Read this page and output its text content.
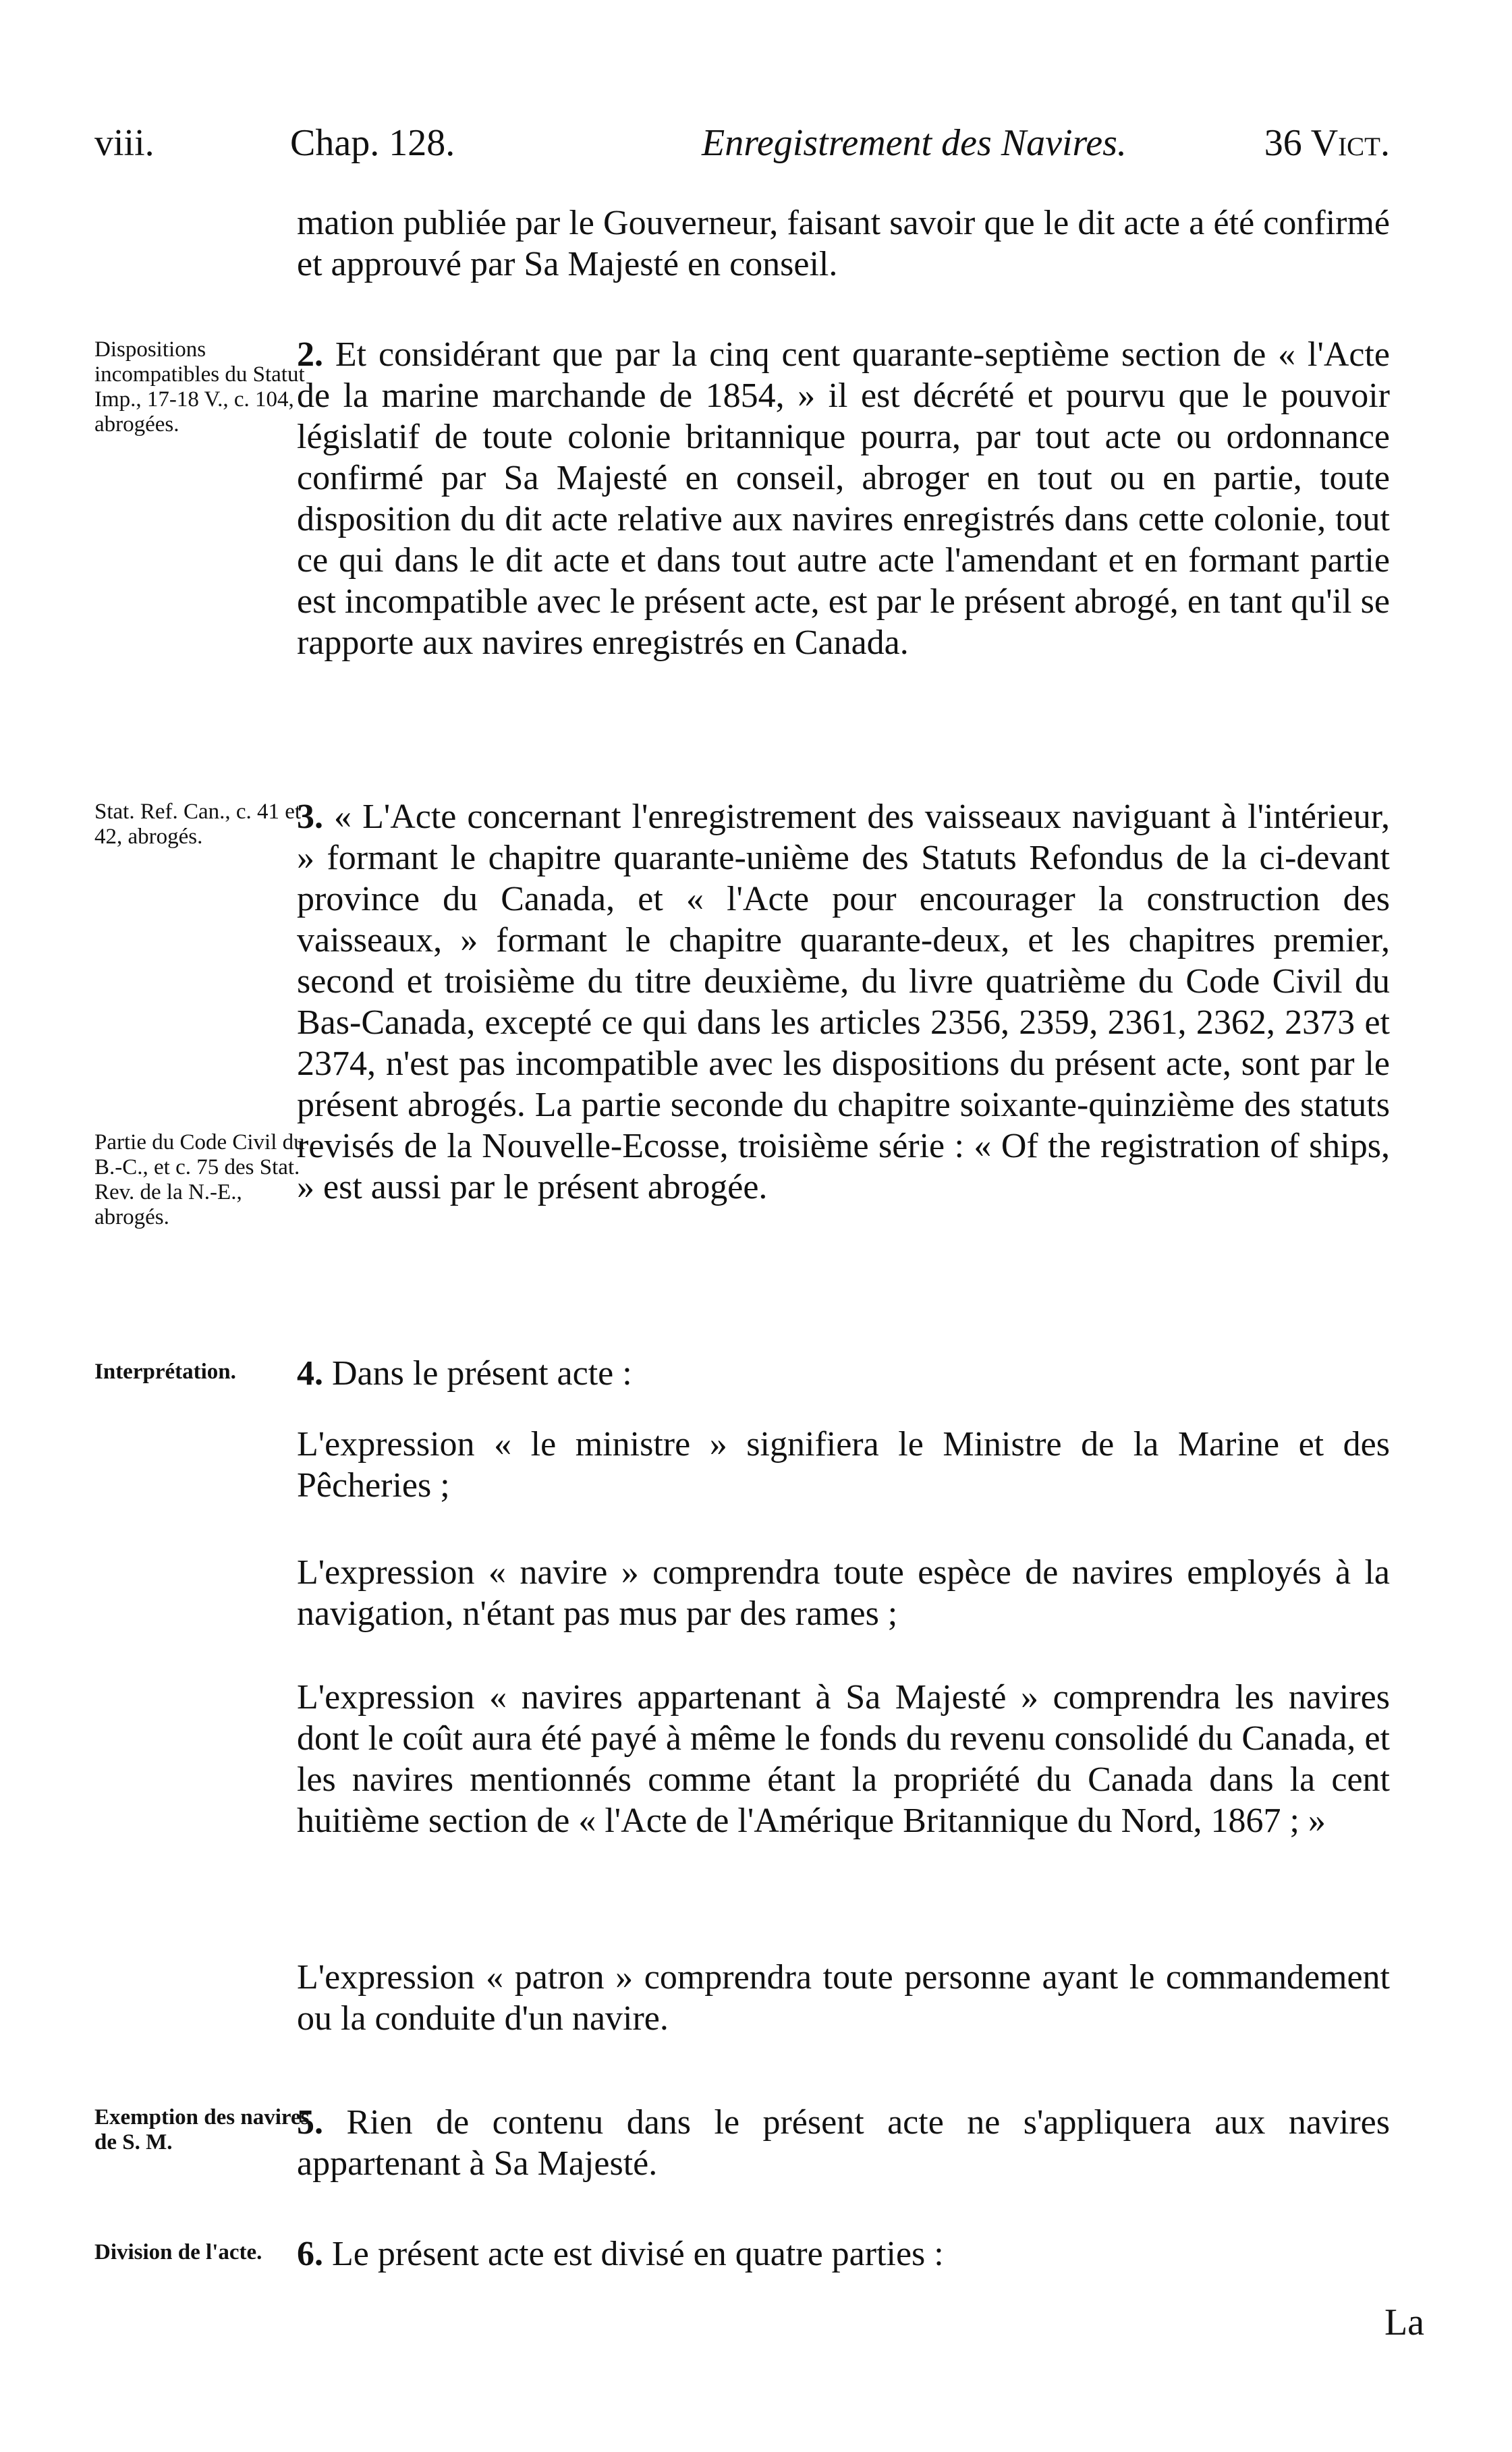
viii.	Chap. 128.	Enregistrement des Navires.	36 Vict.

mation publiée par le Gouverneur, faisant savoir que le dit acte a été confirmé et approuvé par Sa Majesté en conseil.

Dispositions incompatibles du Statut Imp., 17-18 V., c. 104, abrogées.

2. Et considérant que par la cinq cent quarante-septième section de « l'Acte de la marine marchande de 1854, » il est décrété et pourvu que le pouvoir législatif de toute colonie britannique pourra, par tout acte ou ordonnance confirmé par Sa Majesté en conseil, abroger en tout ou en partie, toute disposition du dit acte relative aux navires enregistrés dans cette colonie, tout ce qui dans le dit acte et dans tout autre acte l'amendant et en formant partie est incompatible avec le présent acte, est par le présent abrogé, en tant qu'il se rapporte aux navires enregistrés en Canada.

Stat. Ref. Can., c. 41 et 42, abrogés.

Partie du Code Civil du B.-C., et c. 75 des Stat. Rev. de la N.-E., abrogés.

3. « L'Acte concernant l'enregistrement des vaisseaux naviguant à l'intérieur, » formant le chapitre quarante-unième des Statuts Refondus de la ci-devant province du Canada, et « l'Acte pour encourager la construction des vaisseaux, » formant le chapitre quarante-deux, et les chapitres premier, second et troisième du titre deuxième, du livre quatrième du Code Civil du Bas-Canada, excepté ce qui dans les articles 2356, 2359, 2361, 2362, 2373 et 2374, n'est pas incompatible avec les dispositions du présent acte, sont par le présent abrogés. La partie seconde du chapitre soixante-quinzième des statuts revisés de la Nouvelle-Ecosse, troisième série : « Of the registration of ships, » est aussi par le présent abrogée.

Interprétation.	4. Dans le présent acte :

L'expression « le ministre » signifiera le Ministre de la Marine et des Pêcheries ;

L'expression « navire » comprendra toute espèce de navires employés à la navigation, n'étant pas mus par des rames ;

L'expression « navires appartenant à Sa Majesté » comprendra les navires dont le coût aura été payé à même le fonds du revenu consolidé du Canada, et les navires mentionnés comme étant la propriété du Canada dans la cent huitième section de « l'Acte de l'Amérique Britannique du Nord, 1867 ; »

L'expression « patron » comprendra toute personne ayant le commandement ou la conduite d'un navire.

Exemption des navires de S. M.

5. Rien de contenu dans le présent acte ne s'appliquera aux navires appartenant à Sa Majesté.

Division de l'acte. 6. Le présent acte est divisé en quatre parties :

La
